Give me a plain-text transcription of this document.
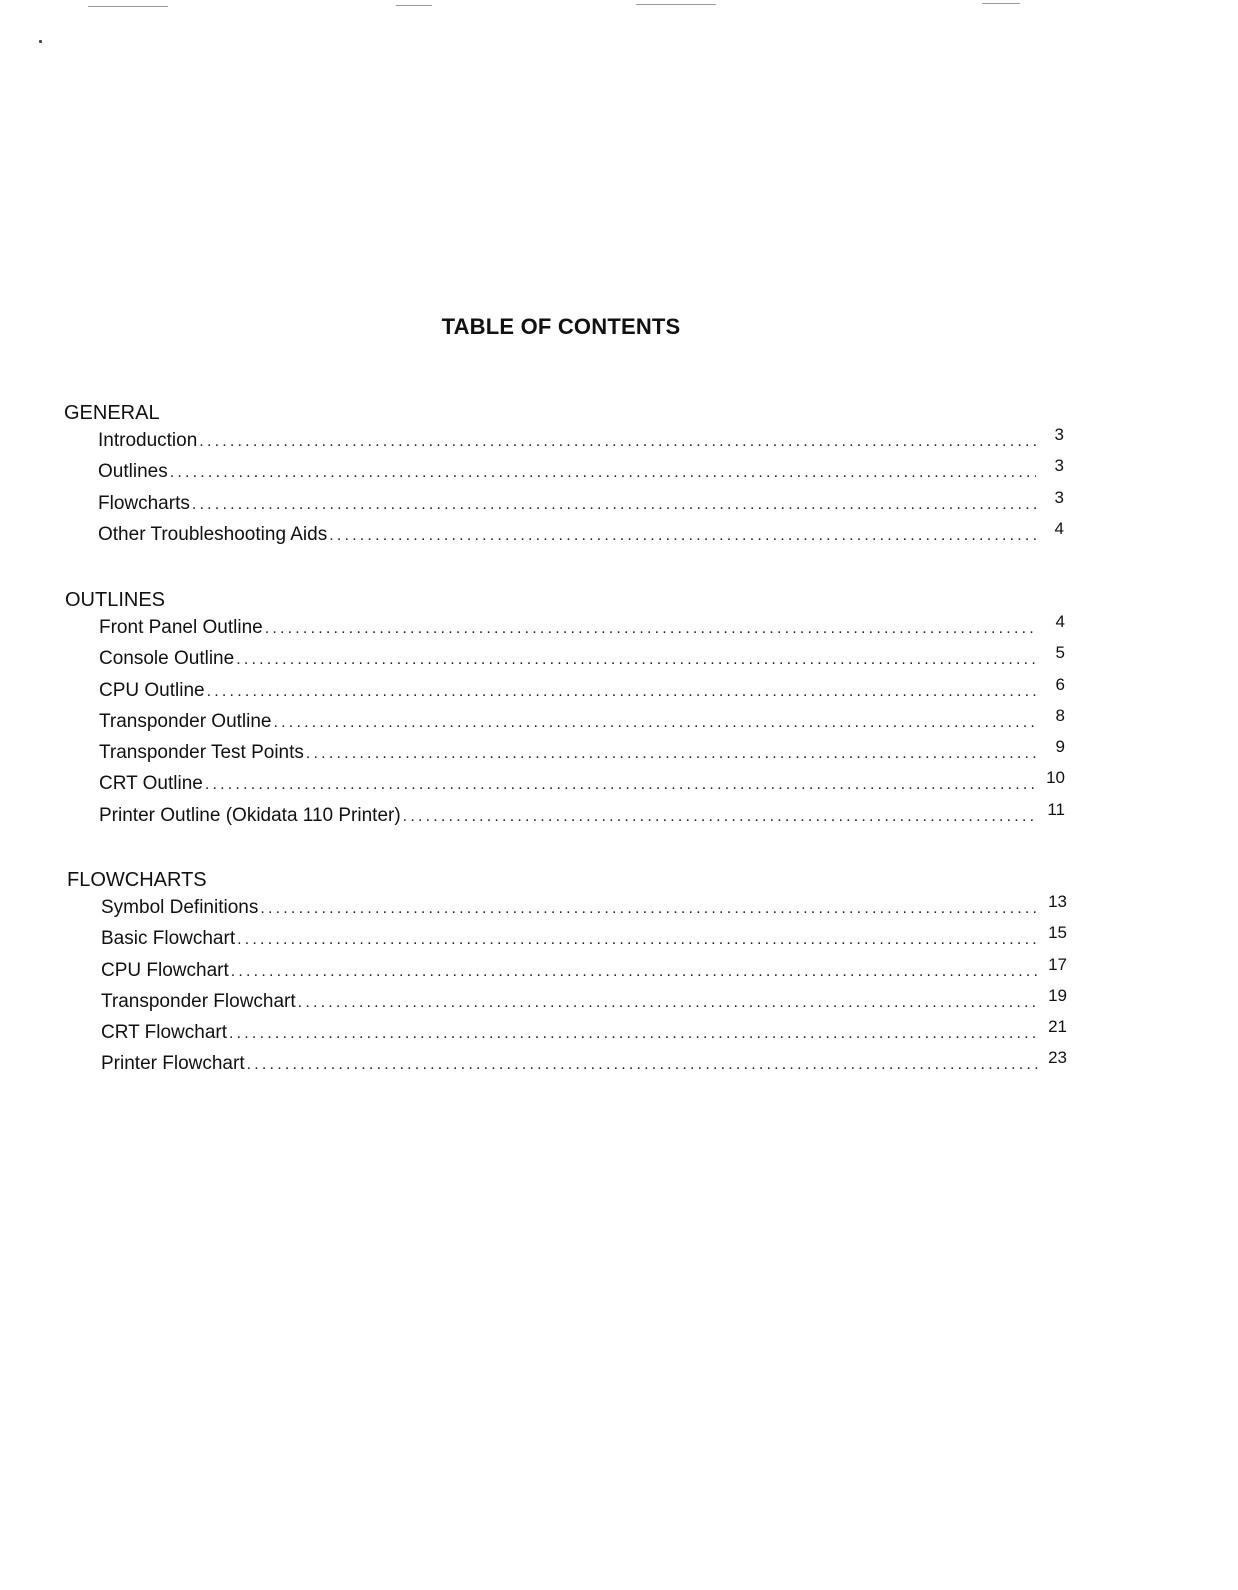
TABLE OF CONTENTS
GENERAL
Introduction .....	3
Outlines .....	3
Flowcharts .....	3
Other Troubleshooting Aids .....	4
OUTLINES
Front Panel Outline .....	4
Console Outline .....	5
CPU Outline .....	6
Transponder Outline .....	8
Transponder Test Points .....	9
CRT Outline .....	10
Printer Outline (Okidata 110 Printer) .....	11
FLOWCHARTS
Symbol Definitions .....	13
Basic Flowchart .....	15
CPU Flowchart .....	17
Transponder Flowchart .....	19
CRT Flowchart .....	21
Printer Flowchart .....	23
